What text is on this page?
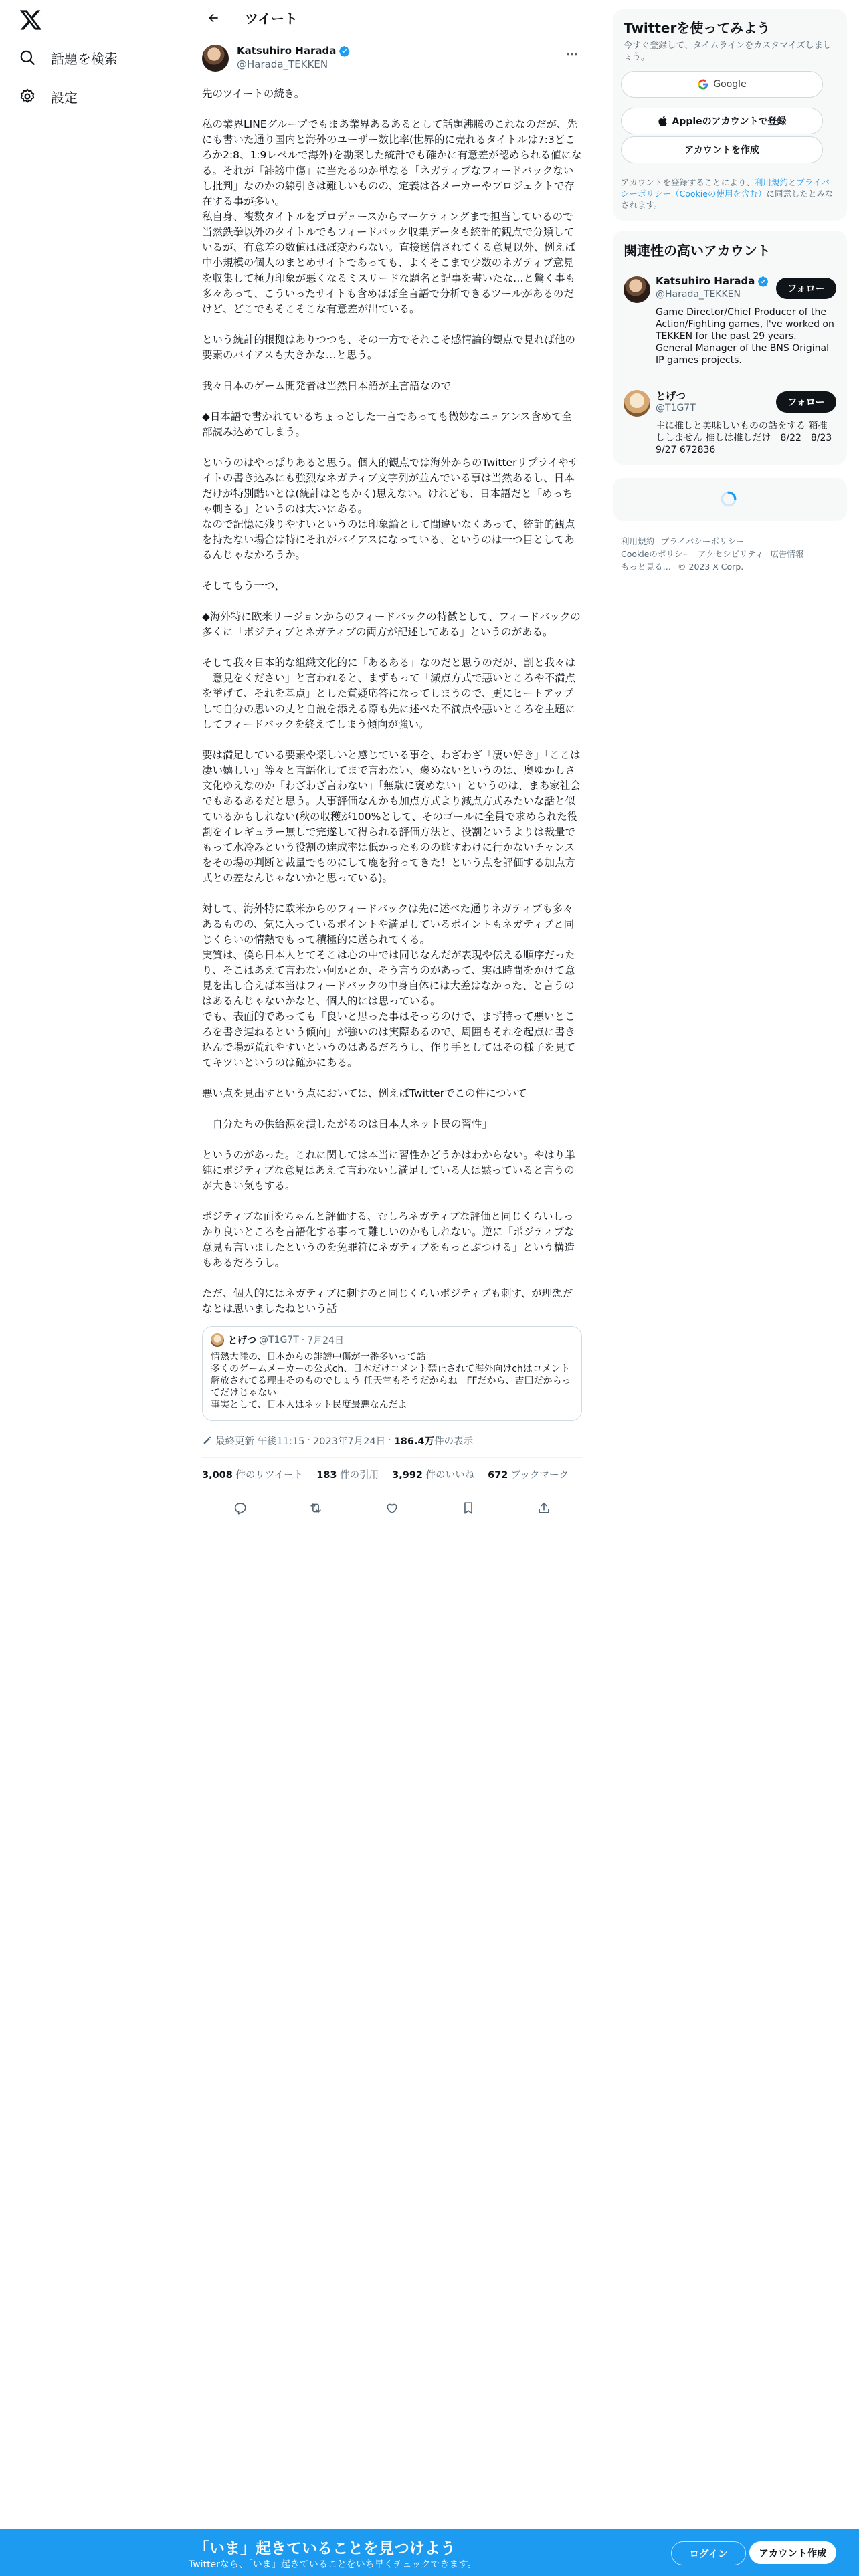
話題を検索
設定
ツイート
Katsuhiro Harada
@Harada_TEKKEN

先のツイートの続き。

私の業界LINEグループでもまあ業界あるあるとして話題沸騰のこれなのだが、先にも書いた通り国内と海外のユーザー数比率(世界的に売れるタイトルは7:3どころか2:8、1:9レベルで海外)を勘案した統計でも確かに有意差が認められる値になる。それが「誹謗中傷」に当たるのか単なる「ネガティブなフィードバックないし批判」なのかの線引きは難しいものの、定義は各メーカーやプロジェクトで存在する事が多い。
私自身、複数タイトルをプロデュースからマーケティングまで担当しているので当然鉄拳以外のタイトルでもフィードバック収集データも統計的観点で分類しているが、有意差の数値はほぼ変わらない。直接送信されてくる意見以外、例えば中小規模の個人のまとめサイトであっても、よくそこまで少数のネガティブ意見を収集して極力印象が悪くなるミスリードな題名と記事を書いたな…と驚く事も多々あって、こういったサイトも含めほぼ全言語で分析できるツールがあるのだけど、どこでもそこそこな有意差が出ている。

という統計的根拠はありつつも、その一方でそれこそ感情論的観点で見れば他の要素のバイアスも大きかな…と思う。

我々日本のゲーム開発者は当然日本語が主言語なので

◆日本語で書かれているちょっとした一言であっても微妙なニュアンス含めて全部読み込めてしまう。

というのはやっぱりあると思う。個人的観点では海外からのTwitterリプライやサイトの書き込みにも強烈なネガティブ文字列が並んでいる事は当然あるし、日本だけが特別酷いとは(統計はともかく)思えない。けれども、日本語だと「めっちゃ刺さる」というのは大いにある。
なので記憶に残りやすいというのは印象論として間違いなくあって、統計的観点を持たない場合は特にそれがバイアスになっている、というのは一つ目としてあるんじゃなかろうか。

そしてもう一つ、

◆海外特に欧米リージョンからのフィードバックの特徴として、フィードバックの多くに「ポジティブとネガティブの両方が記述してある」というのがある。

そして我々日本的な組織文化的に「あるある」なのだと思うのだが、割と我々は「意見をください」と言われると、まずもって「減点方式で悪いところや不満点を挙げて、それを基点」とした質疑応答になってしまうので、更にヒートアップして自分の思いの丈と自説を添える際も先に述べた不満点や悪いところを主題にしてフィードバックを終えてしまう傾向が強い。

要は満足している要素や楽しいと感じている事を、わざわざ「凄い好き」「ここは凄い嬉しい」等々と言語化してまで言わない、褒めないというのは、奥ゆかしさ文化ゆえなのか「わざわざ言わない」「無駄に褒めない」というのは、まあ家社会でもあるあるだと思う。人事評価なんかも加点方式より減点方式みたいな話と似ているかもしれない(秋の収穫が100%として、そのゴールに全員で求められた役割をイレギュラー無しで完遂して得られる評価方法と、役割というよりは裁量でもって水冷みという役割の達成率は低かったものの逃すわけに行かないチャンスをその場の判断と裁量でものにして鹿を狩ってきた！という点を評価する加点方式との差なんじゃないかと思っている)。

対して、海外特に欧米からのフィードバックは先に述べた通りネガティブも多々あるものの、気に入っているポイントや満足しているポイントもネガティブと同じくらいの情熱でもって積極的に送られてくる。
実質は、僕ら日本人とてそこは心の中では同じなんだが表現や伝える順序だったり、そこはあえて言わない何かとか、そう言うのがあって、実は時間をかけて意見を出し合えば本当はフィードバックの中身自体には大差はなかった、と言うのはあるんじゃないかなと、個人的には思っている。
でも、表面的であっても「良いと思った事はそっちのけで、まず持って悪いところを書き連ねるという傾向」が強いのは実際あるので、周囲もそれを起点に書き込んで場が荒れやすいというのはあるだろうし、作り手としてはその様子を見ててキツいというのは確かにある。

悪い点を見出すという点においては、例えばTwitterでこの件について

「自分たちの供給源を潰したがるのは日本人ネット民の習性」

というのがあった。これに関しては本当に習性かどうかはわからない。やはり単純にポジティブな意見はあえて言わないし満足している人は黙っていると言うのが大きい気もする。

ポジティブな面をちゃんと評価する、むしろネガティブな評価と同じくらいしっかり良いところを言語化する事って難しいのかもしれない。逆に「ポジティブな意見も言いましたというのを免罪符にネガティブをもっとぶつける」という構造もあるだろうし。

ただ、個人的にはネガティブに刺すのと同じくらいポジティブも刺す、が理想だなとは思いましたねという話

とげつ @T1G7T · 7月24日
情熱大陸の、日本からの誹謗中傷が一番多いって話
多くのゲームメーカーの公式ch、日本だけコメント禁止されて海外向けchはコメント解放されてる理由そのものでしょう 任天堂もそうだからね　FFだから、吉田だからってだけじゃない
事実として、日本人はネット民度最悪なんだよ
最終更新 午後11:15 · 2023年7月24日 · 186.4万 件の表示
3,008 件のリツイート 183 件の引用 3,992 件のいいね 672 ブックマーク
Twitterを使ってみよう
今すぐ登録して、タイムラインをカスタマイズしましょう。
Google
Appleのアカウントで登録
アカウントを作成
アカウントを登録することにより、利用規約とプライバシーポリシー（Cookieの使用を含む）に同意したとみなされます。
関連性の高いアカウント
Katsuhiro Harada
@Harada_TEKKEN
Game Director/Chief Producer of the Action/Fighting games, I've worked on TEKKEN for the past 29 years. General Manager of the BNS Original IP games projects.
フォロー
とげつ
@T1G7T
主に推しと美味しいものの話をする 箱推ししません 推しは推しだけ　8/22　8/23　9/27 672836
フォロー
利用規約 プライバシーポリシー
Cookieのポリシー アクセシビリティ 広告情報
もっと見る… © 2023 X Corp.
「いま」起きていることを見つけよう
Twitterなら、「いま」起きていることをいち早くチェックできます。
ログイン	アカウント作成
